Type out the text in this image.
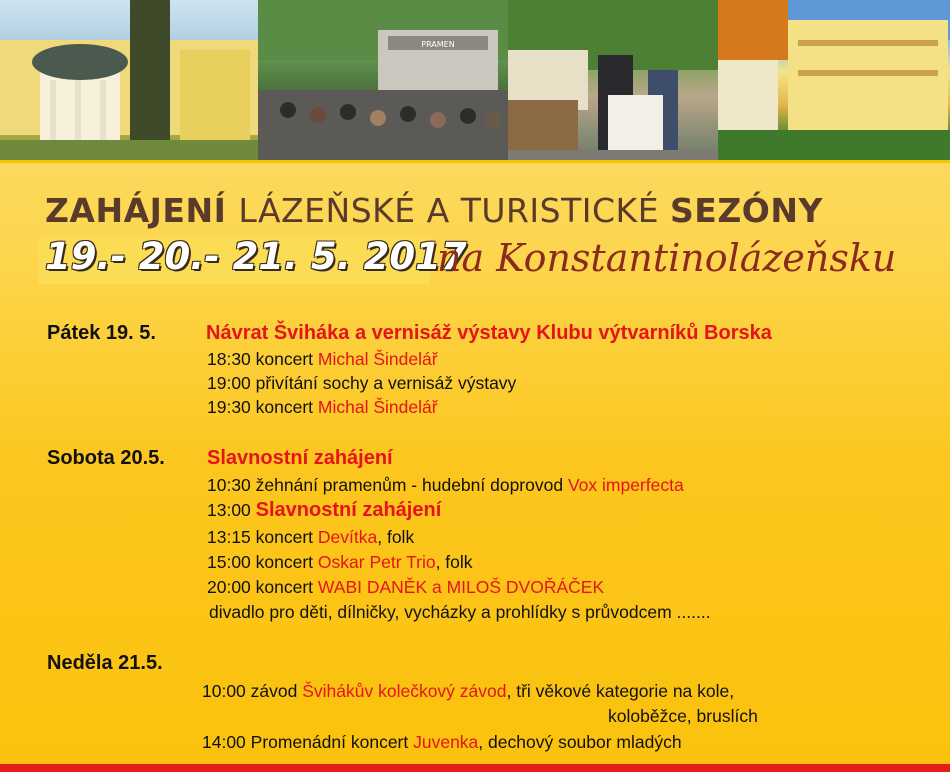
PRAMEN
ZAHÁJENÍ LÁZEŇSKÉ A TURISTICKÉ SEZÓNY
19.- 20.- 21. 5. 2017
na Konstantinolázeňsku
Pátek 19. 5.	Návrat Šviháka a vernisáž výstavy Klubu výtvarníků Borska
18:30 koncert Michal Šindelář
19:00 přivítání sochy a vernisáž výstavy
19:30 koncert Michal Šindelář
Sobota 20.5. Slavnostní zahájení
10:30 žehnání pramenům - hudební doprovod Vox imperfecta
13:00 Slavnostní zahájení
13:15 koncert Devítka, folk
15:00 koncert Oskar Petr Trio, folk
20:00 koncert WABI DANĚK a MILOŠ DVOŘÁČEK
divadlo pro děti, dílničky, vycházky a prohlídky s průvodcem .......
Neděla 21.5.
10:00 závod Švihákův kolečkový závod, tři věkové kategorie na kole,
koloběžce, bruslích
14:00 Promenádní koncert Juvenka, dechový soubor mladých
